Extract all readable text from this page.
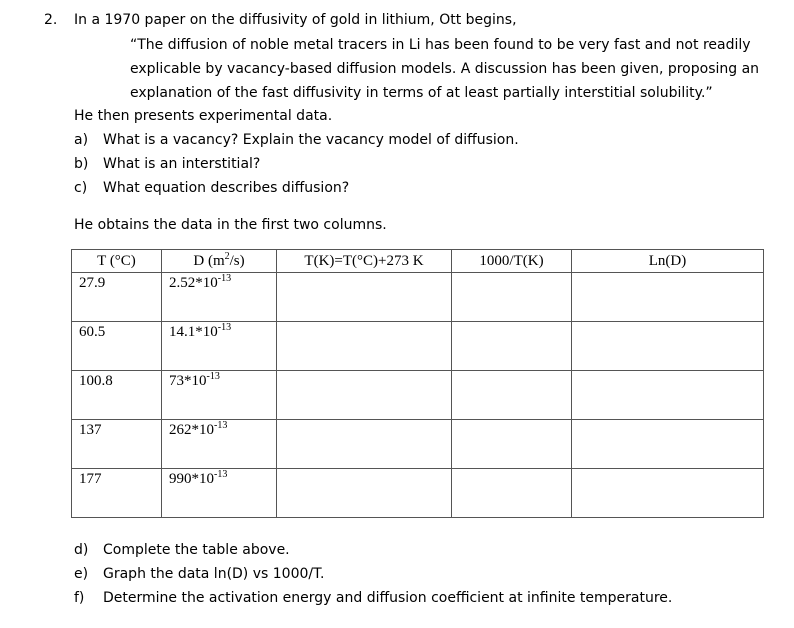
2. In a 1970 paper on the diffusivity of gold in lithium, Ott begins,
“The diffusion of noble metal tracers in Li has been found to be very fast and not readily
explicable by vacancy-based diffusion models. A discussion has been given, proposing an
explanation of the fast diffusivity in terms of at least partially interstitial solubility.”
He then presents experimental data.
a) What is a vacancy? Explain the vacancy model of diffusion.
b) What is an interstitial?
c) What equation describes diffusion?
He obtains the data in the first two columns.
T (°C)	D $(m^2/s)$	T(K)=T(°C)+273 K	1000/T(K)	Ln(D)
27.9	$2.52*10^{-13}$			
60.5	$14.1*10^{-13}$			
100.8	$73*10^{-13}$			
137	$262*10^{-13}$			
177	$990*10^{-13}$			
d) Complete the table above.
e) Graph the data ln(D) vs 1000/T.
f) Determine the activation energy and diffusion coefficient at infinite temperature.
